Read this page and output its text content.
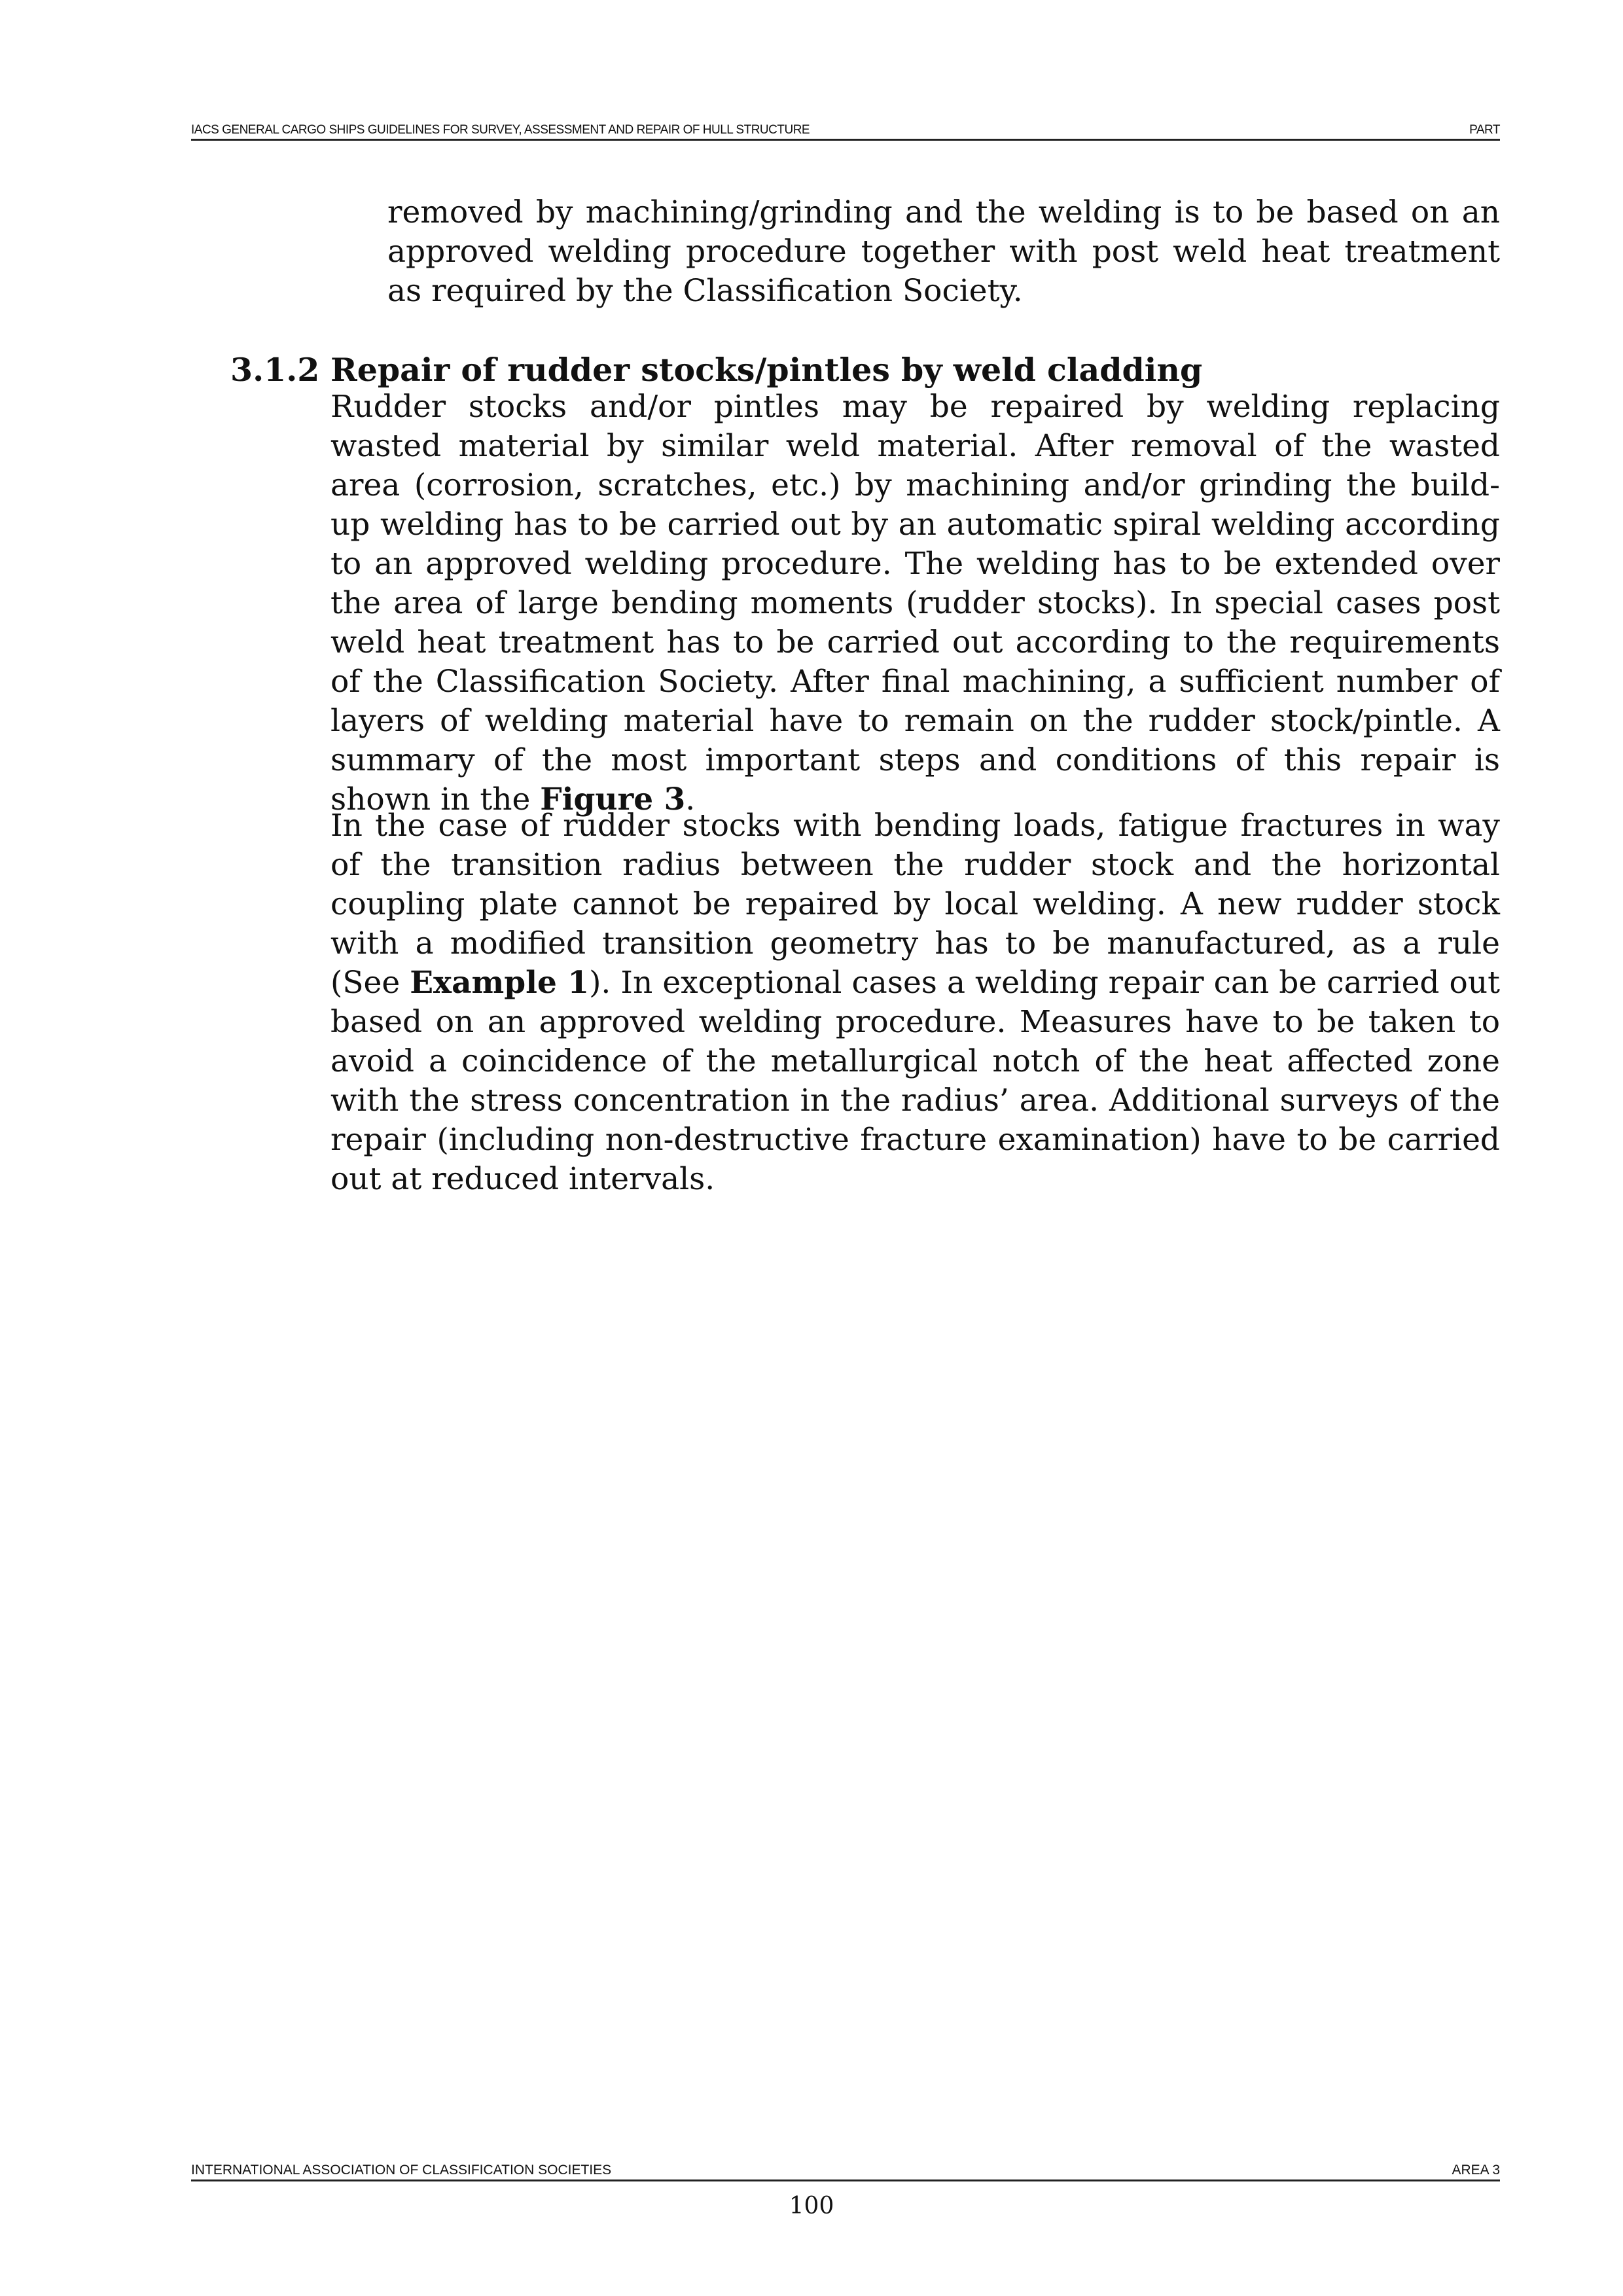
IACS GENERAL CARGO SHIPS GUIDELINES FOR SURVEY, ASSESSMENT AND REPAIR OF HULL STRUCTURE	PART

removed by machining/grinding and the welding is to be based on an approved welding procedure together with post weld heat treatment as required by the Classification Society.

3.1.2 Repair of rudder stocks/pintles by weld cladding

Rudder stocks and/or pintles may be repaired by welding replacing wasted material by similar weld material. After removal of the wasted area (corrosion, scratches, etc.) by machining and/or grinding the build-up welding has to be carried out by an automatic spiral welding according to an approved welding procedure. The welding has to be extended over the area of large bending moments (rudder stocks). In special cases post weld heat treatment has to be carried out according to the requirements of the Classification Society. After final machining, a sufficient number of layers of welding material have to remain on the rudder stock/pintle. A summary of the most important steps and conditions of this repair is shown in the Figure 3.

In the case of rudder stocks with bending loads, fatigue fractures in way of the transition radius between the rudder stock and the horizontal coupling plate cannot be repaired by local welding. A new rudder stock with a modified transition geometry has to be manufactured, as a rule (See Example 1). In exceptional cases a welding repair can be carried out based on an approved welding procedure. Measures have to be taken to avoid a coincidence of the metallurgical notch of the heat affected zone with the stress concentration in the radius’ area. Additional surveys of the repair (including non-destructive fracture examination) have to be carried out at reduced intervals.

INTERNATIONAL ASSOCIATION OF CLASSIFICATION SOCIETIES	AREA 3
100
